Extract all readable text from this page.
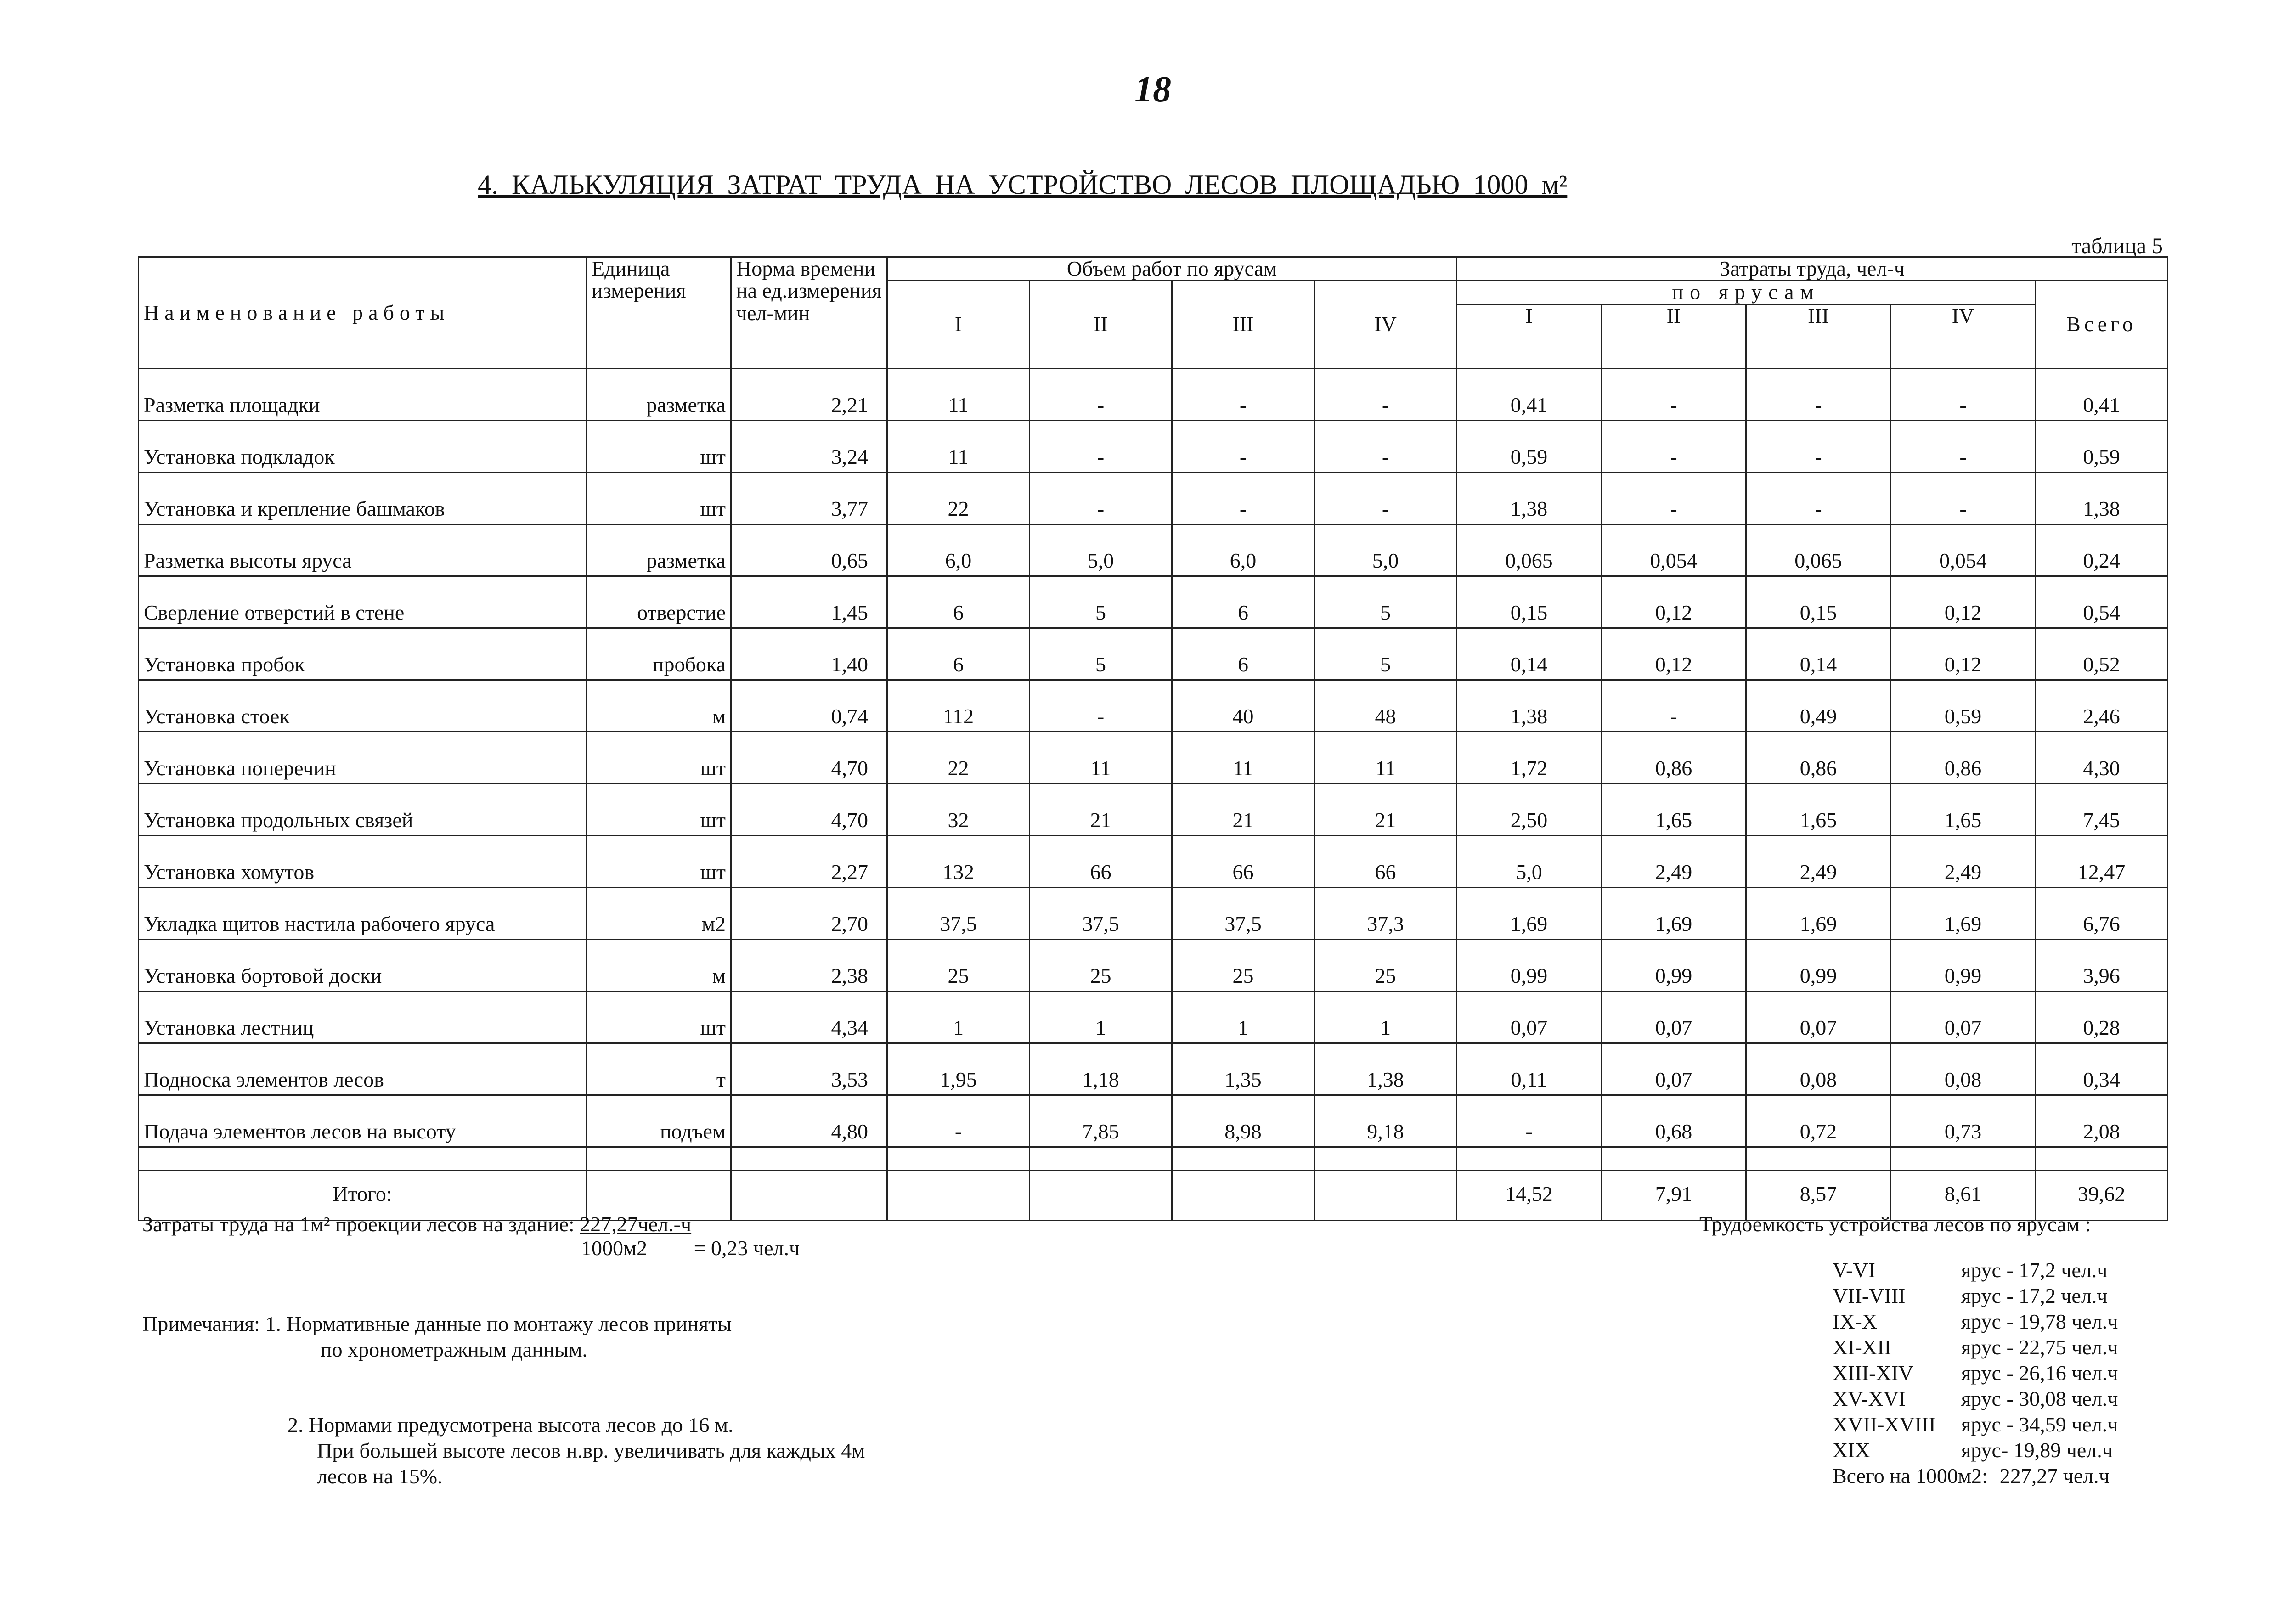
18
4. КАЛЬКУЛЯЦИЯ ЗАТРАТ ТРУДА НА УСТРОЙСТВО ЛЕСОВ ПЛОЩАДЬЮ 1000 м²
таблица 5
Наименование работы	Единица измерения	Норма времени на ед.измерения чел-мин	Объем работ по ярусам				Затраты труда, чел-ч				
			I	II	III	IV	по ярусам				Всего
							I	II	III	IV	
Разметка площадки	разметка	2,21	11	-	-	-	0,41	-	-	-	0,41
Установка подкладок	шт	3,24	11	-	-	-	0,59	-	-	-	0,59
Установка и крепление башмаков	шт	3,77	22	-	-	-	1,38	-	-	-	1,38
Разметка высоты яруса	разметка	0,65	6,0	5,0	6,0	5,0	0,065	0,054	0,065	0,054	0,24
Сверление отверстий в стене	отверстие	1,45	6	5	6	5	0,15	0,12	0,15	0,12	0,54
Установка пробок	пробока	1,40	6	5	6	5	0,14	0,12	0,14	0,12	0,52
Установка стоек	м	0,74	112	-	40	48	1,38	-	0,49	0,59	2,46
Установка поперечин	шт	4,70	22	11	11	11	1,72	0,86	0,86	0,86	4,30
Установка продольных связей	шт	4,70	32	21	21	21	2,50	1,65	1,65	1,65	7,45
Установка хомутов	шт	2,27	132	66	66	66	5,0	2,49	2,49	2,49	12,47
Укладка щитов настила рабочего яруса	м2	2,70	37,5	37,5	37,5	37,3	1,69	1,69	1,69	1,69	6,76
Установка бортовой доски	м	2,38	25	25	25	25	0,99	0,99	0,99	0,99	3,96
Установка лестниц	шт	4,34	1	1	1	1	0,07	0,07	0,07	0,07	0,28
Подноска элементов лесов	т	3,53	1,95	1,18	1,35	1,38	0,11	0,07	0,08	0,08	0,34
Подача элементов лесов на высоту	подъем	4,80	-	7,85	8,98	9,18	-	0,68	0,72	0,73	2,08

Итого:							14,52	7,91	8,57	8,61	39,62
Затраты труда на 1м² проекции лесов на здание: 227,27чел.-ч
1000м2 = 0,23 чел.ч
Примечания: 1. Нормативные данные по монтажу лесов приняты
по хронометражным данным.
2. Нормами предусмотрена высота лесов до 16 м.
При большей высоте лесов н.вр. увеличивать для каждых 4м
лесов на 15%.
Трудоемкость устройства лесов по ярусам :
V-VI	ярус - 17,2 чел.ч
VII-VIII	ярус - 17,2 чел.ч
IX-X	ярус - 19,78 чел.ч
XI-XII	ярус - 22,75 чел.ч
XIII-XIV	ярус - 26,16 чел.ч
XV-XVI	ярус - 30,08 чел.ч
XVII-XVIII	ярус - 34,59 чел.ч
XIX	ярус- 19,89 чел.ч
Всего на 1000м2: 227,27 чел.ч
